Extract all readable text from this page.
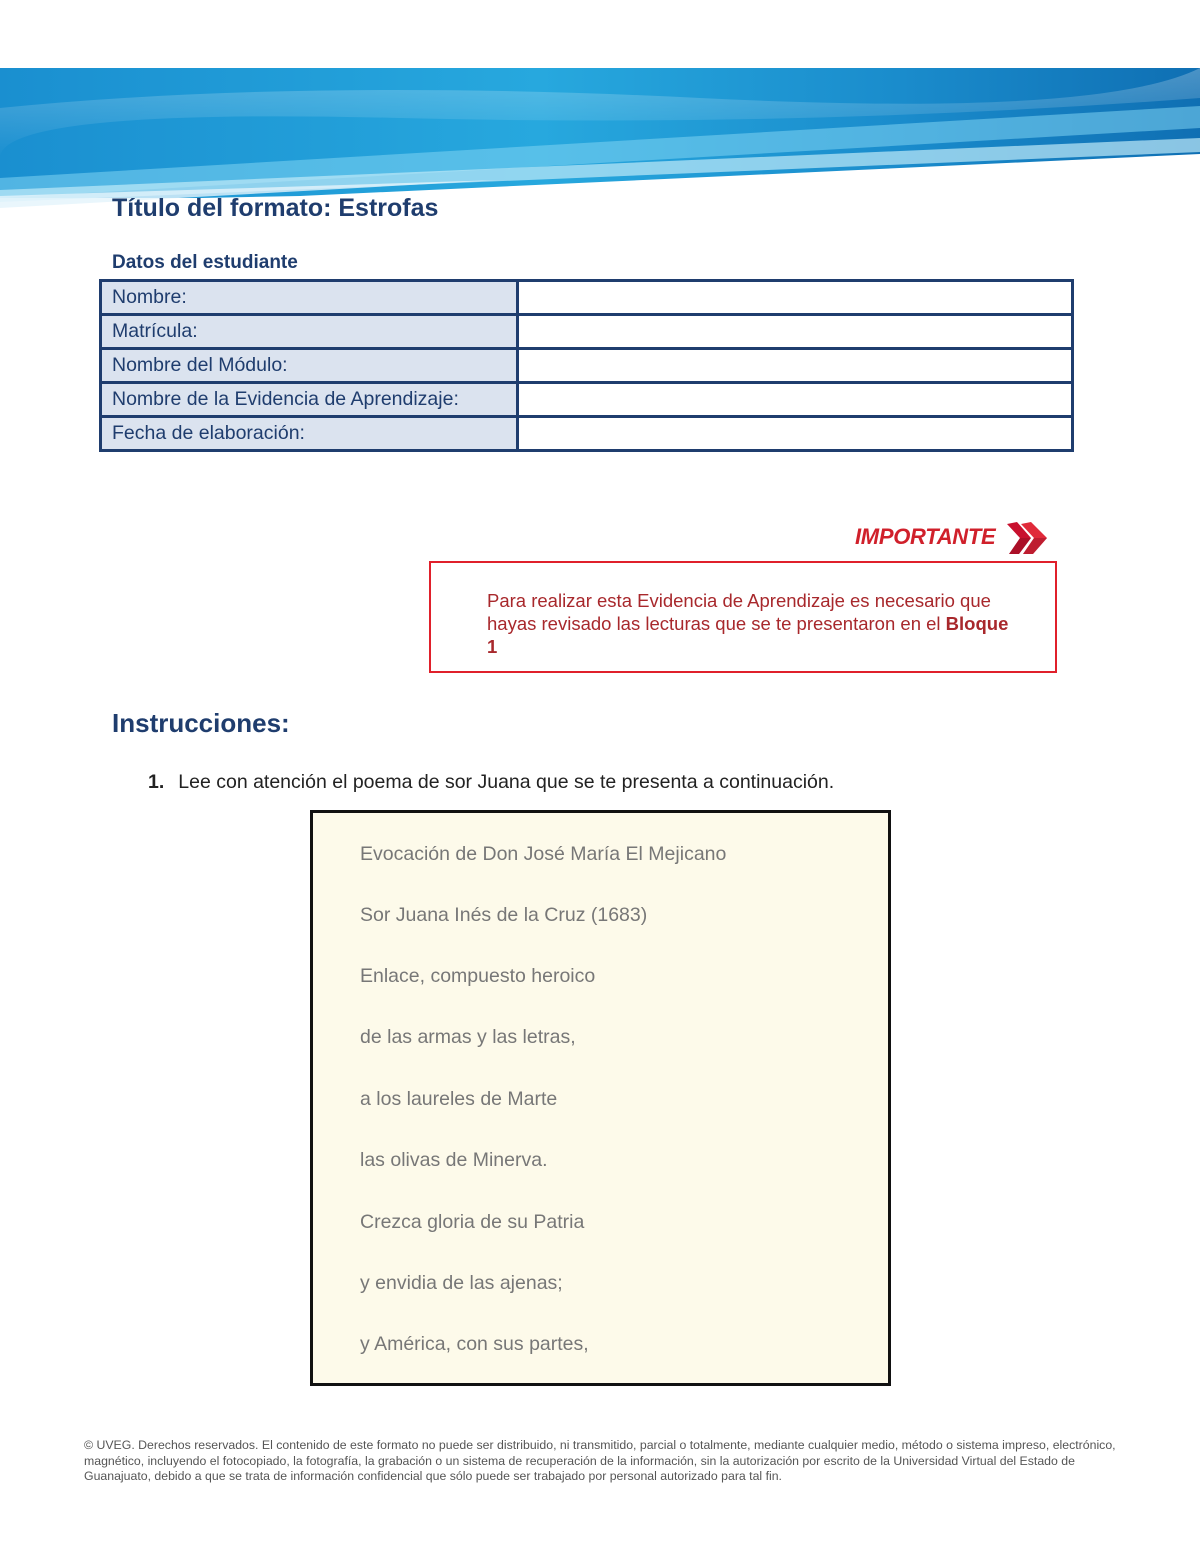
Título del formato: Estrofas
Datos del estudiante
Nombre:	
Matrícula:	
Nombre del Módulo:	
Nombre de la Evidencia de Aprendizaje:	
Fecha de elaboración:	
IMPORTANTE
Para realizar esta Evidencia de Aprendizaje es necesario que hayas revisado las lecturas que se te presentaron en el Bloque 1
Instrucciones:
1. Lee con atención el poema de sor Juana que se te presenta a continuación.
Evocación de Don José María El Mejicano
Sor Juana Inés de la Cruz (1683)
Enlace, compuesto heroico
de las armas y las letras,
a los laureles de Marte
las olivas de Minerva.
Crezca gloria de su Patria
y envidia de las ajenas;
y América, con sus partes,
© UVEG. Derechos reservados. El contenido de este formato no puede ser distribuido, ni transmitido, parcial o totalmente, mediante cualquier medio, método o sistema impreso, electrónico, magnético, incluyendo el fotocopiado, la fotografía, la grabación o un sistema de recuperación de la información, sin la autorización por escrito de la Universidad Virtual del Estado de Guanajuato, debido a que se trata de información confidencial que sólo puede ser trabajado por personal autorizado para tal fin.
